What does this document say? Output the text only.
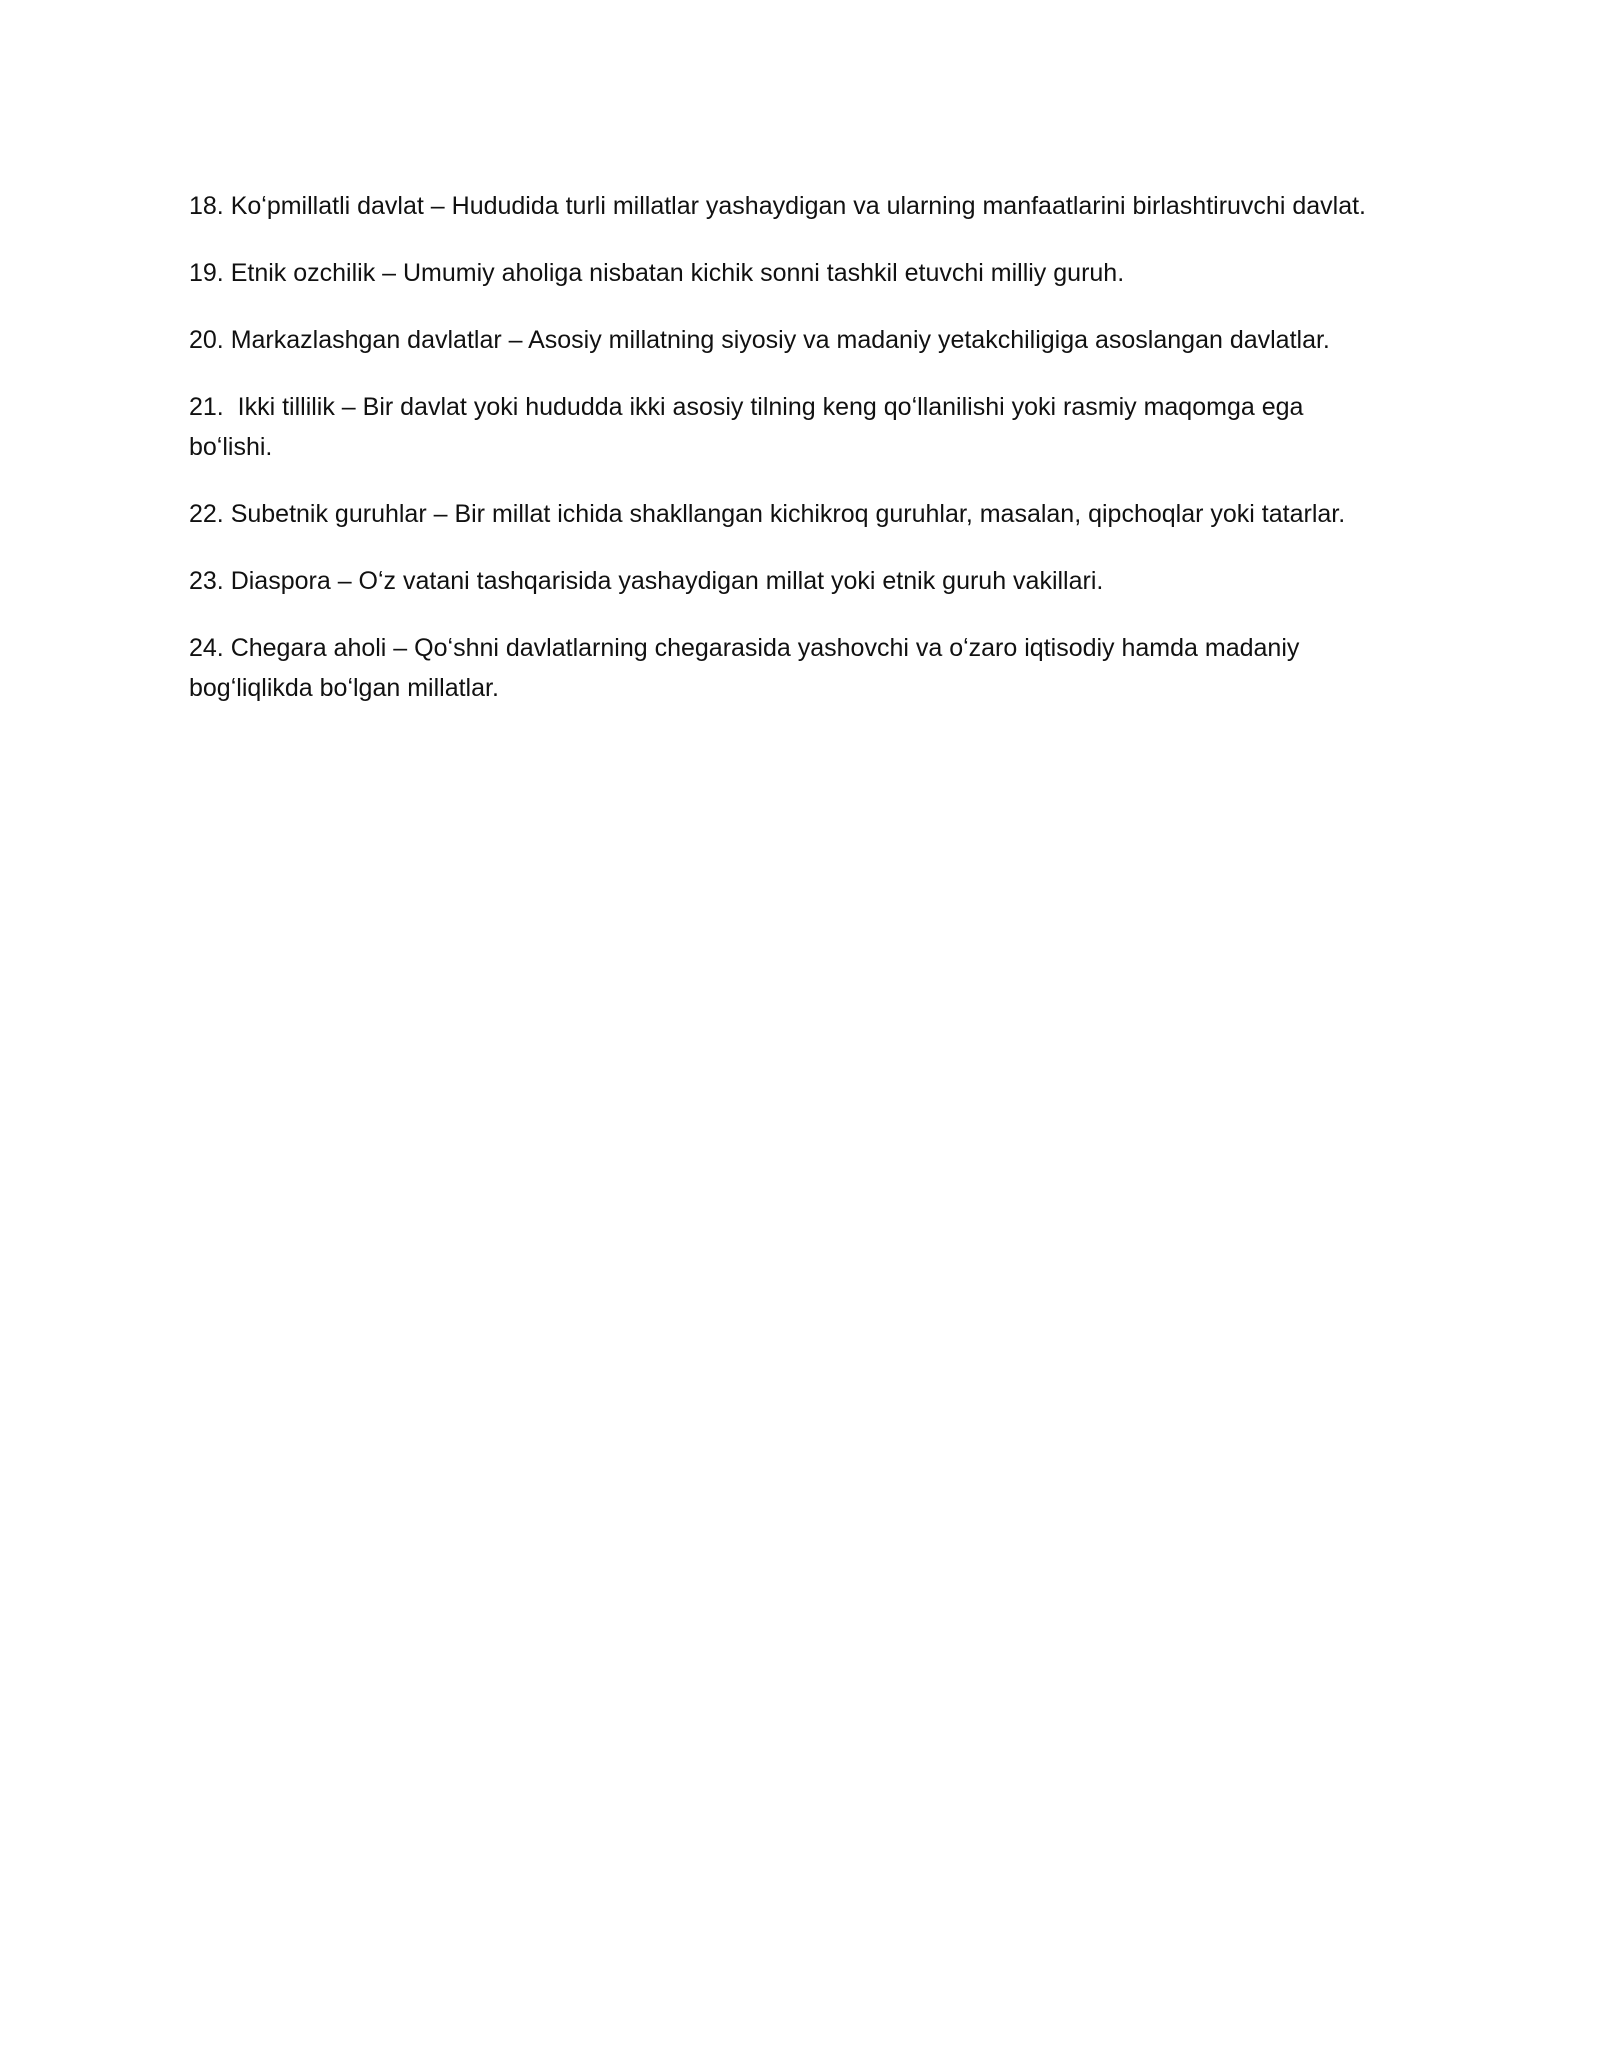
18. Koʻpmillatli davlat – Hududida turli millatlar yashaydigan va ularning manfaatlarini birlashtiruvchi davlat.

19. Etnik ozchilik – Umumiy aholiga nisbatan kichik sonni tashkil etuvchi milliy guruh.

20. Markazlashgan davlatlar – Asosiy millatning siyosiy va madaniy yetakchiligiga asoslangan davlatlar.

21.  Ikki tillilik – Bir davlat yoki hududda ikki asosiy tilning keng qoʻllanilishi yoki rasmiy maqomga ega boʻlishi.

22. Subetnik guruhlar – Bir millat ichida shakllangan kichikroq guruhlar, masalan, qipchoqlar yoki tatarlar.

23. Diaspora – Oʻz vatani tashqarisida yashaydigan millat yoki etnik guruh vakillari.

24. Chegara aholi – Qoʻshni davlatlarning chegarasida yashovchi va oʻzaro iqtisodiy hamda madaniy bogʻliqlikda boʻlgan millatlar.
